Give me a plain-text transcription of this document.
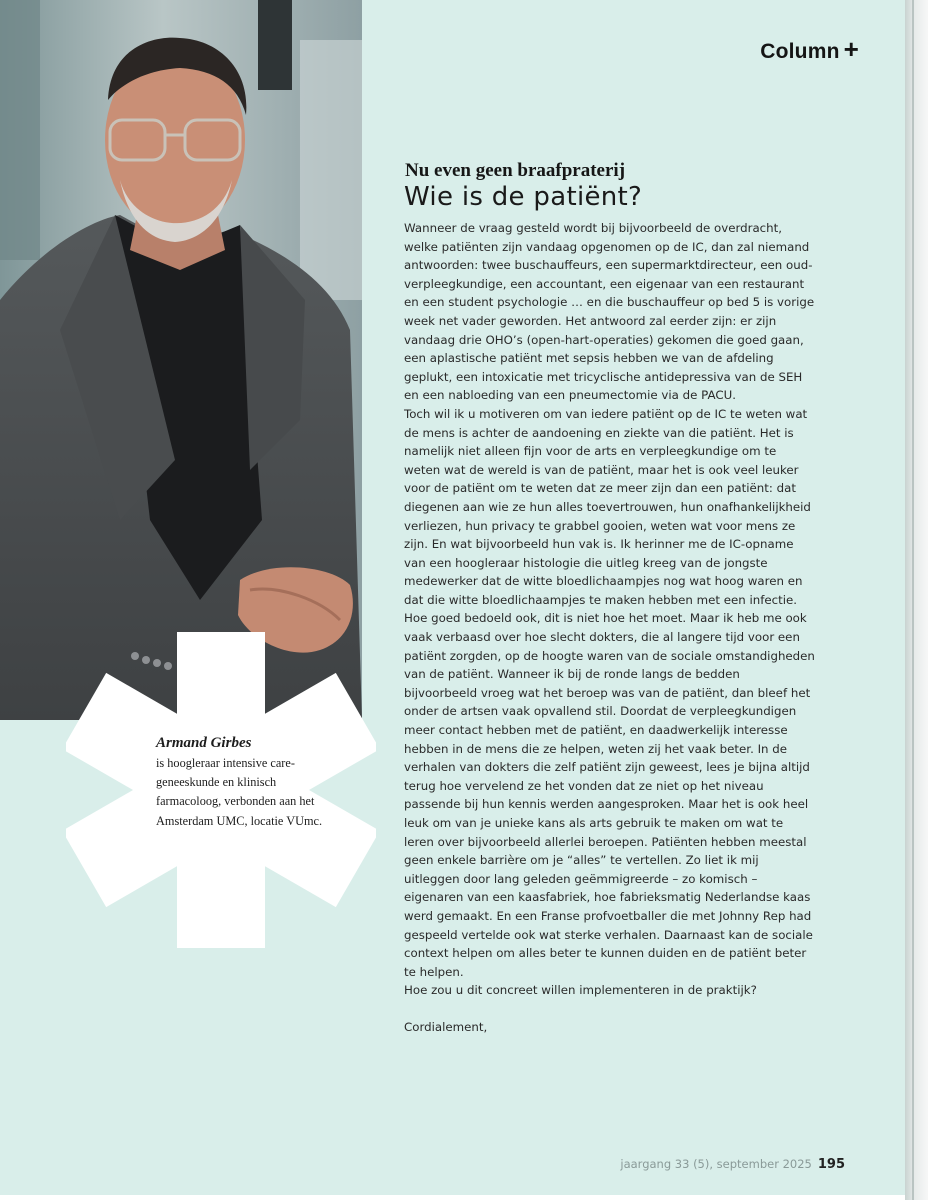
Armand Girbes
is hoogleraar intensive care-geneeskunde en klinisch farmacoloog, verbonden aan het Amsterdam UMC, locatie VUmc.
Column +
Nu even geen braafpraterij
Wie is de patiënt?

Wanneer de vraag gesteld wordt bij bijvoorbeeld de overdracht, welke patiënten zijn vandaag opgenomen op de IC, dan zal niemand antwoorden: twee buschauffeurs, een supermarktdirecteur, een oud-verpleegkundige, een accountant, een eigenaar van een restaurant en een student psychologie … en die buschauffeur op bed 5 is vorige week net vader geworden. Het antwoord zal eerder zijn: er zijn vandaag drie OHO’s (open-hart-operaties) gekomen die goed gaan, een aplastische patiënt met sepsis hebben we van de afdeling geplukt, een intoxicatie met tricyclische antidepressiva van de SEH en een nabloeding van een pneumectomie via de PACU.

Toch wil ik u motiveren om van iedere patiënt op de IC te weten wat de mens is achter de aandoening en ziekte van die patiënt. Het is namelijk niet alleen fijn voor de arts en verpleegkundige om te weten wat de wereld is van de patiënt, maar het is ook veel leuker voor de patiënt om te weten dat ze meer zijn dan een patiënt: dat diegenen aan wie ze hun alles toevertrouwen, hun onafhankelijkheid verliezen, hun privacy te grabbel gooien, weten wat voor mens ze zijn. En wat bijvoorbeeld hun vak is. Ik herinner me de IC-opname van een hoogleraar histologie die uitleg kreeg van de jongste medewerker dat de witte bloedlichaampjes nog wat hoog waren en dat die witte bloedlichaampjes te maken hebben met een infectie. Hoe goed bedoeld ook, dit is niet hoe het moet. Maar ik heb me ook vaak verbaasd over hoe slecht dokters, die al langere tijd voor een patiënt zorgden, op de hoogte waren van de sociale omstandigheden van de patiënt. Wanneer ik bij de ronde langs de bedden bijvoorbeeld vroeg wat het beroep was van de patiënt, dan bleef het onder de artsen vaak opvallend stil. Doordat de verpleegkundigen meer contact hebben met de patiënt, en daadwerkelijk interesse hebben in de mens die ze helpen, weten zij het vaak beter. In de verhalen van dokters die zelf patiënt zijn geweest, lees je bijna altijd terug hoe vervelend ze het vonden dat ze niet op het niveau passende bij hun kennis werden aangesproken. Maar het is ook heel leuk om van je unieke kans als arts gebruik te maken om wat te leren over bijvoorbeeld allerlei beroepen. Patiënten hebben meestal geen enkele barrière om je “alles” te vertellen. Zo liet ik mij uitleggen door lang geleden geëmmigreerde – zo komisch – eigenaren van een kaasfabriek, hoe fabrieksmatig Nederlandse kaas werd gemaakt. En een Franse profvoetballer die met Johnny Rep had gespeeld vertelde ook wat sterke verhalen. Daarnaast kan de sociale context helpen om alles beter te kunnen duiden en de patiënt beter te helpen.

Hoe zou u dit concreet willen implementeren in de praktijk?

Cordialement,

jaargang 33 (5), september 2025 195
